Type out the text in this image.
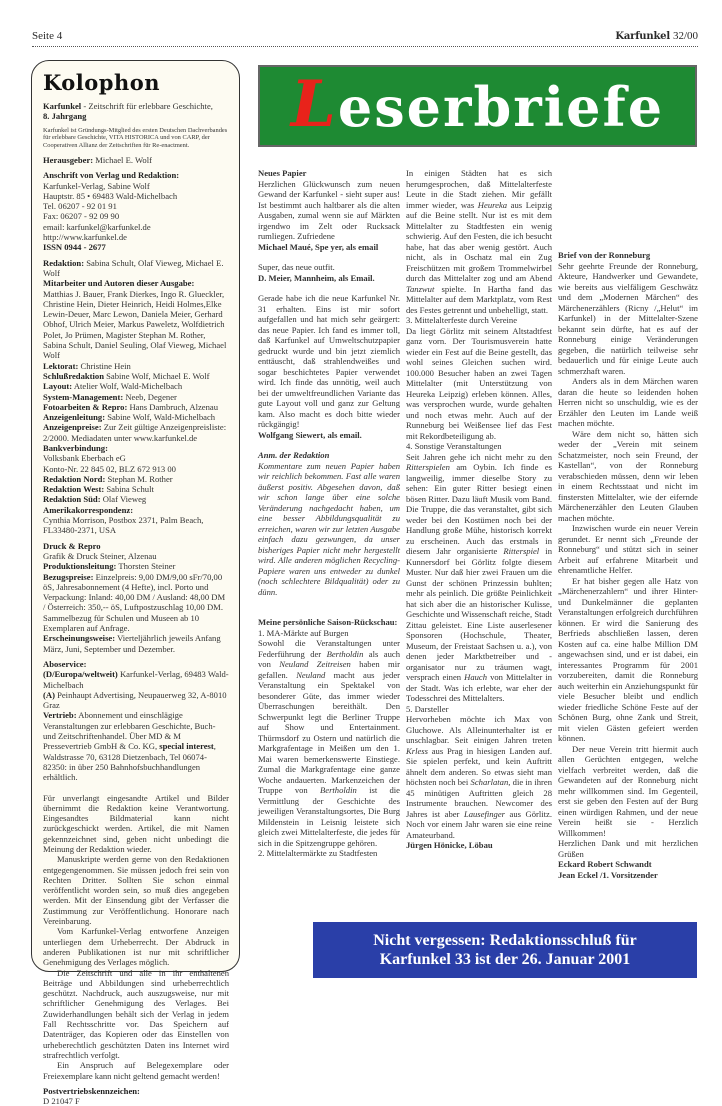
Seite 4	Karfunkel 32/00
Kolophon

Karfunkel - Zeitschrift für erlebbare Geschichte,
8. Jahrgang

Karfunkel ist Gründungs-Mitglied des ersten Deutschen Dachverbandes für erlebbare Geschichte, VITA HISTORICA und von CARP, der Cooperativen Allianz der Zeitschriften für Re-enactment.

Herausgeber: Michael E. Wolf

Anschrift von Verlag und Redaktion:
Karfunkel-Verlag, Sabine Wolf
Hauptstr. 85 • 69483 Wald-Michelbach
Tel. 06207 - 92 01 91
Fax: 06207 - 92 09 90
email: karfunkel@karfunkel.de
http://www.karfunkel.de
ISSN 0944 - 2677

Redaktion: Sabina Schult, Olaf Vieweg, Michael E. Wolf

Mitarbeiter und Autoren dieser Ausgabe:
Matthias J. Bauer, Frank Dierkes, Ingo R. Glueckler, Christine Hein, Dieter Heinrich, Heidi Holmes,Elke Lewin-Deuer, Marc Lewon, Daniela Meier, Gerhard Obhof, Ulrich Meier, Markus Paweletz, Wolfdietrich Polet, Jo Prümen, Magister Stephan M. Rother, Sabina Schult, Daniel Seuling, Olaf Vieweg, Michael Wolf

Lektorat: Christine Hein

Schlußredaktion Sabine Wolf, Michael E. Wolf

Layout: Atelier Wolf, Wald-Michelbach

System-Management: Neeb, Degener

Fotoarbeiten & Repro: Hans Dambruch, Alzenau

Anzeigenleitung: Sabine Wolf, Wald-Michelbach

Anzeigenpreise: Zur Zeit gültige Anzeigenpreisliste: 2/2000. Mediadaten unter www.karfunkel.de

Bankverbindung:
Volksbank Eberbach eG
Konto-Nr. 22 845 02, BLZ 672 913 00

Redaktion Nord: Stephan M. Rother

Redaktion West: Sabina Schult

Redaktion Süd: Olaf Vieweg

Amerikakorrespondenz:
Cynthia Morrison, Postbox 2371, Palm Beach, FL33480-2371, USA

Druck & Repro
Grafik & Druck Steiner, Alzenau

Produktionsleitung: Thorsten Steiner

Bezugspreise: Einzelpreis: 9,00 DM/9,00 sFr/70,00 öS, Jahresabonnement (4 Hefte), incl. Porto und Verpackung: Inland: 40,00 DM / Ausland: 48,00 DM / Österreich: 350,-- öS, Luftpostzuschlag 10,00 DM. Sammelbezug für Schulen und Museen ab 10 Exemplaren auf Anfrage.

Erscheinungsweise: Vierteljährlich jeweils Anfang März, Juni, September und Dezember.

Aboservice:
(D/Europa/weltweit) Karfunkel-Verlag, 69483 Wald-Michelbach
(A) Peinhaupt Advertising, Neupauerweg 32, A-8010 Graz

Vertrieb: Abonnement und einschlägige Veranstaltungen zur erlebbaren Geschichte, Buch- und Zeitschriftenhandel. Über MD & M Pressevertrieb GmbH & Co. KG, special interest, Waldstrasse 70, 63128 Dietzenbach, Tel 06074-82350: in über 250 Bahnhofsbuchhandlungen erhältlich.

Für unverlangt eingesandte Artikel und Bilder übernimmt die Redaktion keine Verantwortung. Eingesandtes Bildmaterial kann nicht zurückgeschickt werden. Artikel, die mit Namen gekennzeichnet sind, geben nicht unbedingt die Meinung der Redaktion wieder.

Manuskripte werden gerne von den Redaktionen entgegengenommen. Sie müssen jedoch frei sein von Rechten Dritter. Sollten Sie schon einmal veröffentlicht worden sein, so muß dies angegeben werden. Mit der Einsendung gibt der Verfasser die Zustimmung zur Veröffentlichung. Honorare nach Vereinbarung.

Vom Karfunkel-Verlag entworfene Anzeigen unterliegen dem Urheberrecht. Der Abdruck in anderen Publikationen ist nur mit schriftlicher Genehmigung des Verlages möglich.

Die Zeitschrift und alle in ihr enthaltenen Beiträge und Abbildungen sind urheberrechtlich geschützt. Nachdruck, auch auszugsweise, nur mit schriftlicher Genehmigung des Verlages. Bei Zuwiderhandlungen behält sich der Verlag in jedem Fall Rechtsschritte vor. Das Speichern auf Datenträger, das Kopieren oder das Einstellen von urheberechtlich geschützten Daten ins Internet wird strafrechtlich verfolgt.

Ein Anspruch auf Belegexemplare oder Freiexemplare kann nicht geltend gemacht werden!

Postvertriebskennzeichen:
D 21047 F

Leserbriefe

Neues Papier

Herzlichen Glückwunsch zum neuen Gewand der Karfunkel - sieht super aus! Ist bestimmt auch haltbarer als die alten Ausgaben, zumal wenn sie auf Märkten irgendwo im Zelt oder Rucksack rumliegen. Zufriedene

Michael Maué, Spe yer, als email

Super, das neue outfit.

D. Meier, Mannheim, als Email.

Gerade habe ich die neue Karfunkel Nr. 31 erhalten. Eins ist mir sofort aufgefallen und hat mich sehr geärgert: das neue Papier. Ich fand es immer toll, daß Karfunkel auf Umweltschutzpapier gedruckt wurde und bin jetzt ziemlich enttäuscht, daß strahlendweißes und sogar beschichtetes Papier verwendet wird. Ich finde das unnötig, weil auch bei der umweltfreundlichen Variante das gute Layout voll und ganz zur Geltung kam. Also macht es doch bitte wieder rückgängig!

Wolfgang Siewert, als email.

Anm. der Redaktion

Kommentare zum neuen Papier haben wir reichlich bekommen. Fast alle waren äußerst positiv. Abgesehen davon, daß wir schon lange über eine solche Veränderung nachgedacht haben, um eine besser Abbildungsqualität zu erreichen, waren wir zur letzten Ausgabe einfach dazu gezwungen, da unser bisheriges Papier nicht mehr hergestellt wird. Alle anderen möglichen Recycling-Papiere waren uns entweder zu dunkel (noch schlechtere Bildqualität) oder zu dünn.

Meine persönliche Saison-Rückschau:

1. MA-Märkte auf Burgen

Sowohl die Veranstaltungen unter Federführung der Bertholdin als auch von Neuland Zeitreisen haben mir gefallen. Neuland macht aus jeder Veranstaltung ein Spektakel von besonderer Güte, das immer wieder Überraschungen bereithält. Den Schwerpunkt legt die Berliner Truppe auf Show und Entertainment. Thürmsdorf zu Ostern und natürlich die Markgrafentage in Meißen um den 1. Mai waren bemerkenswerte Einstiege. Zumal die Markgrafentage eine ganze Woche andauerten. Markenzeichen der Truppe von Bertholdin ist die Vermittlung der Geschichte des jeweiligen Veranstaltungsortes, Die Burg Mildenstein in Leisnig leistete sich gleich zwei Mittelalterfeste, die jedes für sich in die Spitzengruppe gehören.

2. Mittelaltermärkte zu Stadtfesten

In einigen Städten hat es sich herumgesprochen, daß Mittelalterfeste Leute in die Stadt ziehen. Mir gefällt immer wieder, was Heureka aus Leipzig auf die Beine stellt. Nur ist es mit dem Mittelalter zu Stadtfesten ein wenig schwierig. Auf den Festen, die ich besucht habe, hat das aber wenig gestört. Auch nicht, als in Oschatz mal ein Zug Freischützen mit großem Trommelwirbel durch das Mittelalter zog und am Abend Tanzwut spielte. In Hartha fand das Mittelalter auf dem Marktplatz, vom Rest des Festes getrennt und unbehelligt, statt.

3. Mittelalterfeste durch Vereine

Da liegt Görlitz mit seinem Altstadtfest ganz vorn. Der Tourismusverein hatte wieder ein Fest auf die Beine gestellt, das wohl seines Gleichen suchen wird. 100.000 Besucher haben an zwei Tagen Mittelalter (mit Unterstützung von Heureka Leipzig) erleben können. Alles, was versprochen wurde, wurde gehalten und noch etwas mehr. Auch auf der Runneburg bei Weißensee lief das Fest mit Rekordbeteiligung ab.

4. Sonstige Veranstaltungen

Seit Jahren gehe ich nicht mehr zu den Ritterspielen am Oybin. Ich finde es langweilig, immer dieselbe Story zu sehen: Ein guter Ritter besiegt einen bösen Ritter. Dazu läuft Musik vom Band. Die Truppe, die das veranstaltet, gibt sich weder bei den Kostümen noch bei der Handlung große Mühe, historisch korrekt zu erscheinen. Auch das erstmals in diesem Jahr organisierte Ritterspiel in Kunnersdorf bei Görlitz folgte diesem Muster. Nur daß hier zwei Frauen um die Gunst der schönen Prinzessin buhlten; mehr als peinlich. Die größte Peinlichkeit hat sich aber die an historischer Kulisse, Geschichte und Wissenschaft reiche, Stadt Zittau geleistet. Eine Liste auserlesener Sponsoren (Hochschule, Theater, Museum, der Freistaat Sachsen u. a.), von denen jeder Marktbetreiber und -organisator nur zu träumen wagt, versprach einen Hauch von Mittelalter in der Stadt. Was ich erlebte, war eher der Todesschrei des Mittelalters.

5. Darsteller

Hervorheben möchte ich Max von Gluchowe. Als Alleinunterhalter ist er unschlagbar. Seit einigen Jahren treten Krless aus Prag in hiesigen Landen auf. Sie spielen perfekt, und kein Auftritt ähnelt dem anderen. So etwas sieht man höchsten noch bei Scharlatan, die in ihren 45 minütigen Auftritten gleich 28 Instrumente brauchen. Newcomer des Jahres ist aber Lausefinger aus Görlitz. Noch vor einem Jahr waren sie eine reine Amateurband.

Jürgen Hönicke, Löbau

Brief von der Ronneburg

Sehr geehrte Freunde der Ronneburg, Akteure, Handwerker und Gewandete, wie bereits aus vielfäligem Geschwätz und dem „Modernen Märchen“ des Märchenerzählers (Ricny /„Helut“ im Karfunkel) in der Mittelalter-Szene bekannt sein dürfte, hat es auf der Ronneburg einige Veränderungen gegeben, die natürlich teilweise sehr bedauerlich und für einige Leute auch schmerzhaft waren.

Anders als in dem Märchen waren daran die heute so leidenden hohen Herren nicht so unschuldig, wie es der Erzähler den Leuten im Lande weiß machen möchte.

Wäre dem nicht so, hätten sich weder der „Verein mit seinem Schatzmeister, noch sein Freund, der Kastellan“, von der Ronneburg verabschieden müssen, denn wir leben in einem Rechtsstaat und nicht im finstersten Mittelalter, wie der eifernde Märchenerzähler den Leuten Glauben machen möchte.

Inzwischen wurde ein neuer Verein gerundet. Er nennt sich „Freunde der Ronneburg“ und stützt sich in seiner Arbeit auf erfahrene Mitarbeit und ehrenamtliche Helfer.

Er hat bisher gegen alle Hatz von „Märchenerzahlern“ und ihrer Hinter- und Dunkelmänner die geplanten Veranstaltungen erfolgreich durchführen können. Er wird die Sanierung des Berfrieds abschließen lassen, deren Kosten auf ca. eine halbe Million DM angewachsen sind, und er ist dabei, ein interessantes Programm für 2001 vorzubereiten, damit die Ronneburg auch weiterhin ein Anziehungspunkt für viele Besucher bleibt und endlich wieder friedliche Schöne Feste auf der Schönen Burg, ohne Zank und Streit, mit vielen Gästen gefeiert werden können.

Der neue Verein tritt hiermit auch allen Gerüchten entgegen, welche vielfach verbreitet werden, daß die Gewandeten auf der Ronneburg nicht mehr willkommen sind. Im Gegenteil, erst sie geben den Festen auf der Burg einen würdigen Rahmen, und der neue Verein heißt sie - Herzlich Willkommen!

Herzlichen Dank und mit herzlichen Grüßen

Eckard Robert Schwandt
Jean Eckel /1. Vorsitzender

Nicht vergessen: Redaktionsschluß für
Karfunkel 33 ist der 26. Januar 2001
